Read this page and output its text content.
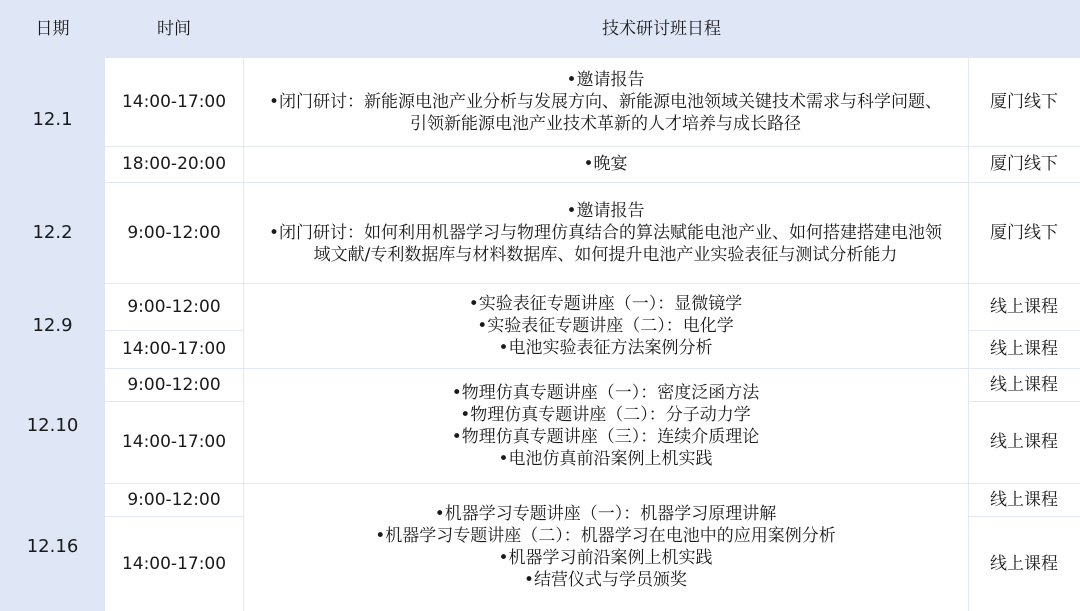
日期	时间	技术研讨班日程
12.1
12.2
12.9
12.10
12.16
14:00-17:00
18:00-20:00
9:00-12:00
9:00-12:00
14:00-17:00
9:00-12:00
14:00-17:00
9:00-12:00
14:00-17:00
•邀请报告
•闭门研讨：新能源电池产业分析与发展方向、新能源电池领域关键技术需求与科学问题、
引领新能源电池产业技术革新的人才培养与成长路径
•晚宴
•邀请报告
•闭门研讨：如何利用机器学习与物理仿真结合的算法赋能电池产业、如何搭建搭建电池领
域文献/专利数据库与材料数据库、如何提升电池产业实验表征与测试分析能力
•实验表征专题讲座（一）：显微镜学
•实验表征专题讲座（二）：电化学
•电池实验表征方法案例分析
•物理仿真专题讲座（一）：密度泛函方法
•物理仿真专题讲座（二）：分子动力学
•物理仿真专题讲座（三）：连续介质理论
•电池仿真前沿案例上机实践
•机器学习专题讲座（一）：机器学习原理讲解
•机器学习专题讲座（二）：机器学习在电池中的应用案例分析
•机器学习前沿案例上机实践
•结营仪式与学员颁奖
厦门线下
厦门线下
厦门线下
线上课程
线上课程
线上课程
线上课程
线上课程
线上课程
